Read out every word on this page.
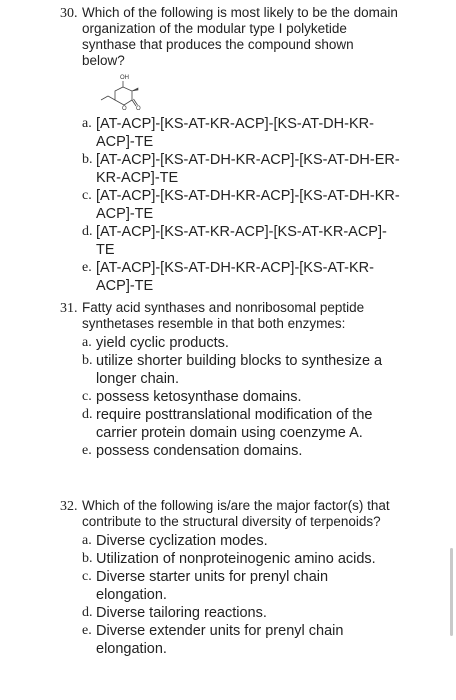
30. Which of the following is most likely to be the domain organization of the modular type I polyketide synthase that produces the compound shown below?
OH
O O
a. [AT-ACP]-[KS-AT-KR-ACP]-[KS-AT-DH-KR-ACP]-TE
b. [AT-ACP]-[KS-AT-DH-KR-ACP]-[KS-AT-DH-ER-KR-ACP]-TE
c. [AT-ACP]-[KS-AT-DH-KR-ACP]-[KS-AT-DH-KR-ACP]-TE
d. [AT-ACP]-[KS-AT-KR-ACP]-[KS-AT-KR-ACP]-TE
e. [AT-ACP]-[KS-AT-DH-KR-ACP]-[KS-AT-KR-ACP]-TE
31. Fatty acid synthases and nonribosomal peptide synthetases resemble in that both enzymes:
a. yield cyclic products.
b. utilize shorter building blocks to synthesize a longer chain.
c. possess ketosynthase domains.
d. require posttranslational modification of the carrier protein domain using coenzyme A.
e. possess condensation domains.
32. Which of the following is/are the major factor(s) that contribute to the structural diversity of terpenoids?
a. Diverse cyclization modes.
b. Utilization of nonproteinogenic amino acids.
c. Diverse starter units for prenyl chain elongation.
d. Diverse tailoring reactions.
e. Diverse extender units for prenyl chain elongation.
